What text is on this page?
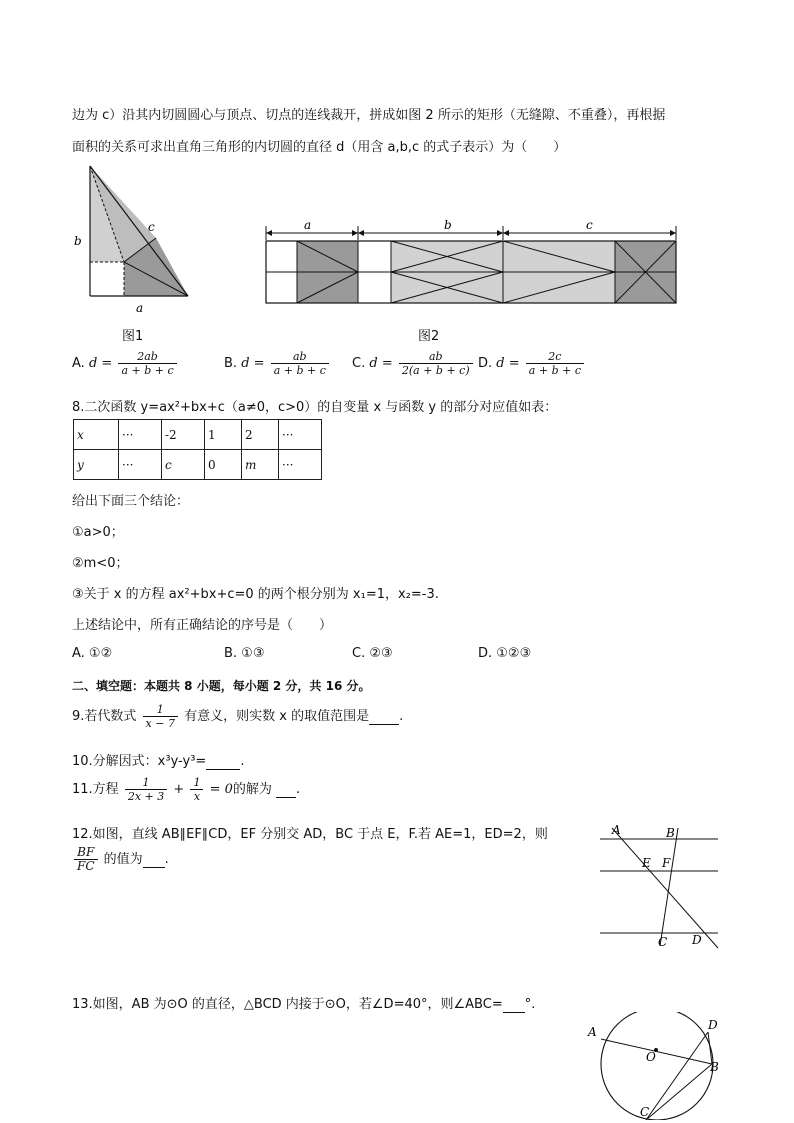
边为 c）沿其内切圆圆心与顶点、切点的连线裁开，拼成如图 2 所示的矩形（无缝隙、不重叠），再根据
面积的关系可求出直角三角形的内切圆的直径 d（用含 a,b,c 的式子表示）为（　　）
b
c
a
图1
a	b	c
图2
A. $d = \frac{2ab}{a + b + c}$	B. $d = \frac{ab}{a + b + c} C$. $d = \frac{ab}{2(a + b + c)} D$. $d = \frac{2c}{a + b + c}$
8.二次函数 y=ax²+bx+c（a≠0，c>0）的自变量 x 与函数 y 的部分对应值如表：
x	···	-2	1	2	···
y	···	c	0	m	···
给出下面三个结论：
①a>0；
②m<0；
③关于 x 的方程 ax²+bx+c=0 的两个根分别为 x₁=1，x₂=-3.
上述结论中，所有正确结论的序号是（　　）
A. ①②	B. ①③	C. ②③	D. ①②③
二、填空题：本题共 8 小题，每小题 2 分，共 16 分。
9.若代数式 $\frac{1}{x - 7}$ 有意义，则实数 x 的取值范围是 .
10.分解因式：x³y-y³=	.
11.方程 $\frac{1}{2x + 3} + \frac{1}{x} = 0$的解为 .
12.如图，直线 AB∥EF∥CD，EF 分别交 AD，BC 于点 E，F.若 AE=1，ED=2，则
$\frac{BF}{FC}$ 的值为 .
A	B
E F
C D
13.如图，AB 为⊙O 的直径，△BCD 内接于⊙O，若∠D=40°，则∠ABC= °.
A
O
D
B
C
